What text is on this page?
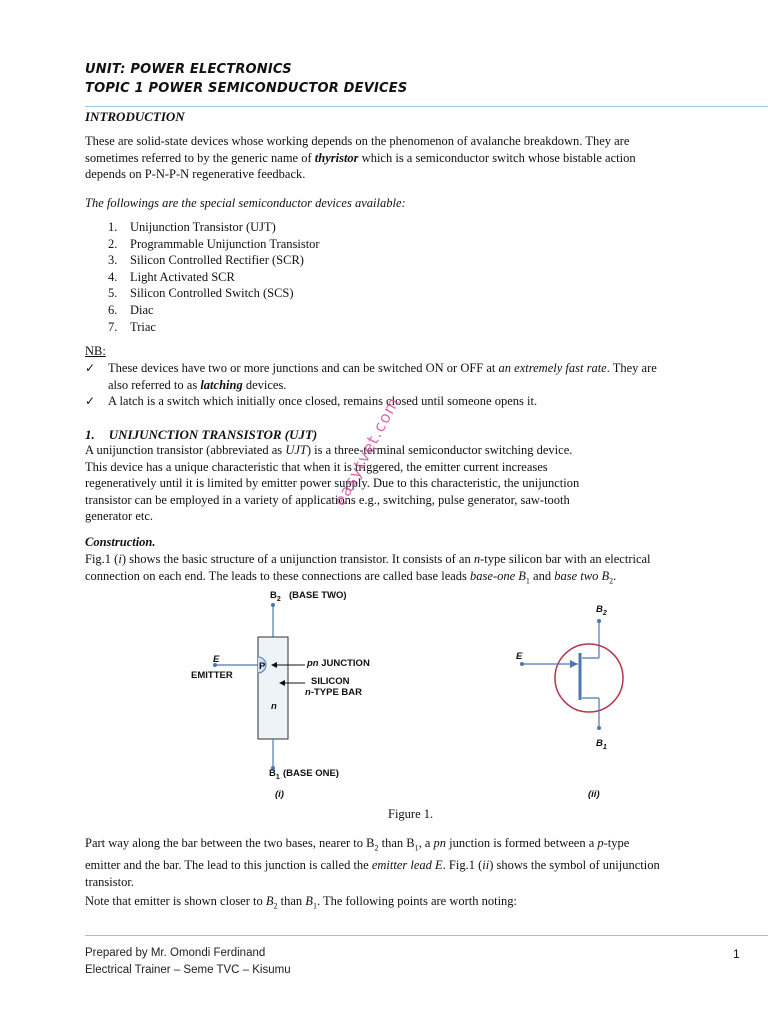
UNIT: POWER ELECTRONICS
TOPIC 1 POWER SEMICONDUCTOR DEVICES
INTRODUCTION
These are solid-state devices whose working depends on the phenomenon of avalanche breakdown. They are
sometimes referred to by the generic name of thyristor which is a semiconductor switch whose bistable action
depends on P-N-P-N regenerative feedback.
The followings are the special semiconductor devices available:
1. Unijunction Transistor (UJT)
2. Programmable Unijunction Transistor
3. Silicon Controlled Rectifier (SCR)
4. Light Activated SCR
5. Silicon Controlled Switch (SCS)
6. Diac
7. Triac
NB:
✓ These devices have two or more junctions and can be switched ON or OFF at an extremely fast rate. They are
also referred to as latching devices.
✓ A latch is a switch which initially once closed, remains closed until someone opens it.
1. UNIJUNCTION TRANSISTOR (UJT)
A unijunction transistor (abbreviated as UJT) is a three-terminal semiconductor switching device.
This device has a unique characteristic that when it is triggered, the emitter current increases
regeneratively until it is limited by emitter power supply. Due to this characteristic, the unijunction
transistor can be employed in a variety of applications e.g., switching, pulse generator, saw-tooth
generator etc.
Construction.
Fig.1 (i) shows the basic structure of a unijunction transistor. It consists of an n-type silicon bar with an electrical
connection on each end. The leads to these connections are called base leads base-one $B_1$ and base two $B_2$.
$B_2$ (BASE TWO)
P
n
E
EMITTER
$B_1$ (BASE ONE)
(i)
pn JUNCTION
SILICON
n-TYPE BAR
$B_2$
$B_1$
E
(ii)
Figure 1.
Part way along the bar between the two bases, nearer to $B_2$ than $B_1$, a pn junction is formed between a p-type
emitter and the bar. The lead to this junction is called the emitter lead E. Fig.1 (ii) shows the symbol of unijunction
transistor.
Note that emitter is shown closer to $B_2$ than $B_1$. The following points are worth noting:
easytvet.com
Prepared by Mr. Omondi Ferdinand
Electrical Trainer – Seme TVC – Kisumu
1
